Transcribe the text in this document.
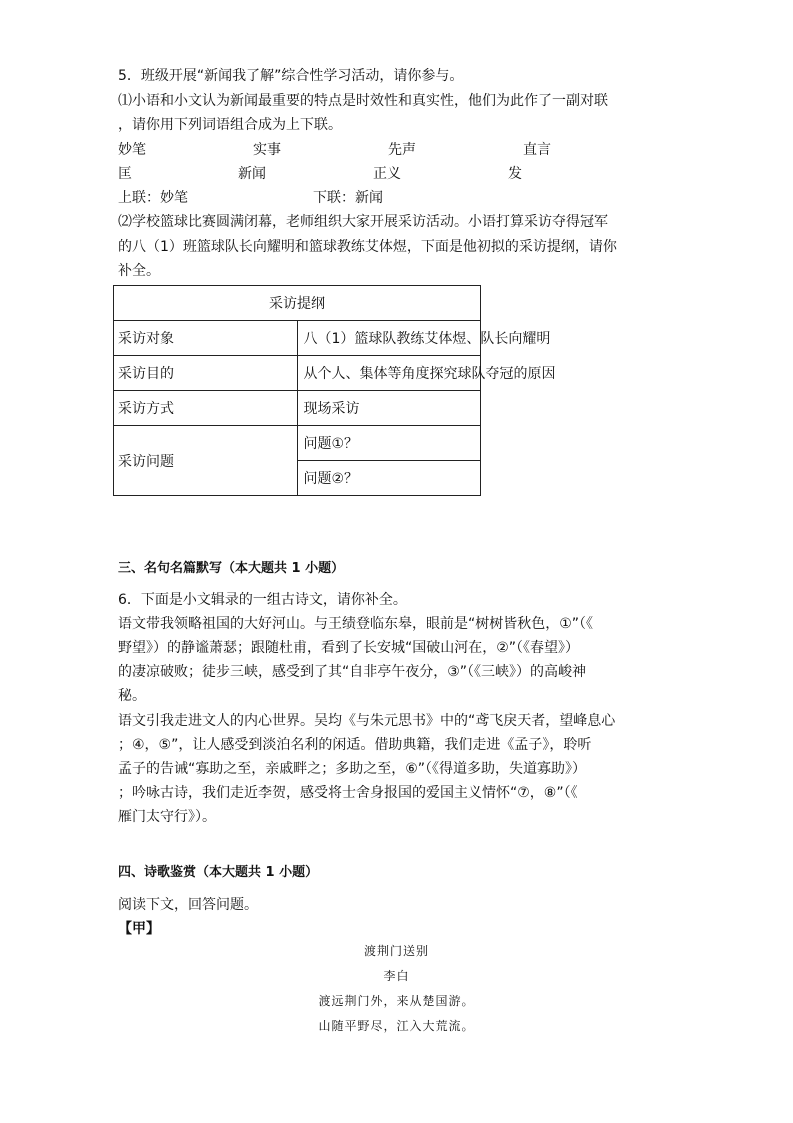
5．班级开展“新闻我了解”综合性学习活动，请你参与。
⑴小语和小文认为新闻最重要的特点是时效性和真实性，他们为此作了一副对联
，请你用下列词语组合成为上下联。
妙笔	实事	先声	直言
匡	新闻	正义	发
上联：妙笔	下联：新闻
⑵学校篮球比赛圆满闭幕，老师组织大家开展采访活动。小语打算采访夺得冠军
的八（1）班篮球队长向耀明和篮球教练艾体煜，下面是他初拟的采访提纲，请你
补全。
采访提纲	
采访对象	八（1）篮球队教练艾体煜、队长向耀明
采访目的	从个人、集体等角度探究球队夺冠的原因
采访方式	现场采访
采访问题	问题①？
	问题②？
三、名句名篇默写（本大题共 1 小题）
6．下面是小文辑录的一组古诗文，请你补全。
语文带我领略祖国的大好河山。与王绩登临东皋，眼前是“树树皆秋色，①”（《
野望》）的静谧萧瑟；跟随杜甫，看到了长安城“国破山河在，②”（《春望》）
的凄凉破败；徒步三峡，感受到了其“自非亭午夜分，③”（《三峡》）的高峻神
秘。
语文引我走进文人的内心世界。吴均《与朱元思书》中的“鸢飞戾天者，望峰息心
；④，⑤”，让人感受到淡泊名利的闲适。借助典籍，我们走进《孟子》，聆听
孟子的告诫“寡助之至，亲戚畔之；多助之至，⑥”（《得道多助，失道寡助》）
；吟咏古诗，我们走近李贺，感受将士舍身报国的爱国主义情怀“⑦，⑧”（《
雁门太守行》）。
四、诗歌鉴赏（本大题共 1 小题）
阅读下文，回答问题。
【甲】
渡荆门送别
李白
渡远荆门外，来从楚国游。
山随平野尽，江入大荒流。
